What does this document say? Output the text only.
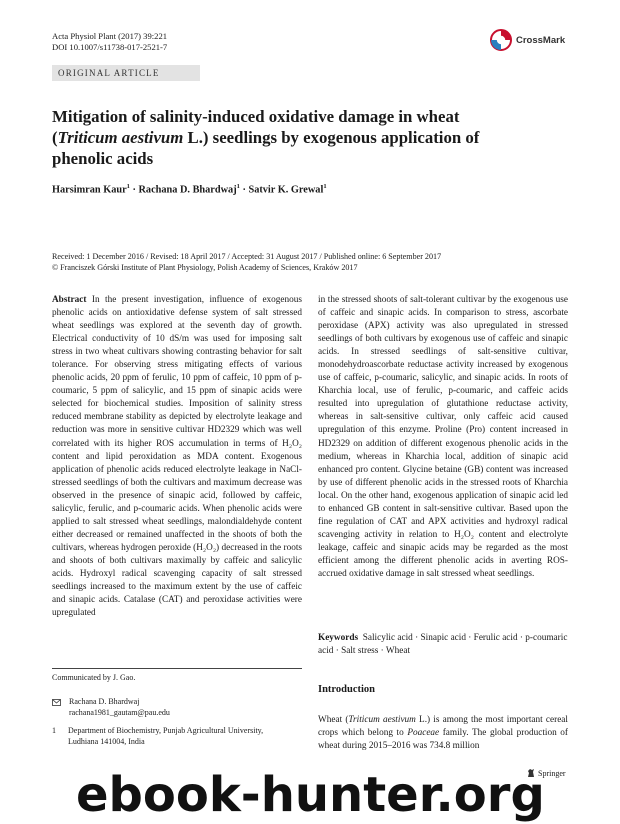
Acta Physiol Plant (2017) 39:221
DOI 10.1007/s11738-017-2521-7
CrossMark
ORIGINAL ARTICLE
Mitigation of salinity-induced oxidative damage in wheat (Triticum aestivum L.) seedlings by exogenous application of phenolic acids
Harsimran Kaur$^1$ · Rachana D. Bhardwaj$^1$ · Satvir K. Grewal$^1$
Received: 1 December 2016 / Revised: 18 April 2017 / Accepted: 31 August 2017 / Published online: 6 September 2017
© Franciszek Górski Institute of Plant Physiology, Polish Academy of Sciences, Kraków 2017

Abstract In the present investigation, influence of exogenous phenolic acids on antioxidative defense system of salt stressed wheat seedlings was explored at the seventh day of growth. Electrical conductivity of 10 dS/m was used for imposing salt stress in two wheat cultivars showing contrasting behavior for salt tolerance. For observing stress mitigating effects of various phenolic acids, 20 ppm of ferulic, 10 ppm of caffeic, 10 ppm of p-coumaric, 5 ppm of salicylic, and 15 ppm of sinapic acids were selected for biochemical studies. Imposition of salinity stress reduced membrane stability as depicted by electrolyte leakage and reduction was more in sensitive cultivar HD2329 which was well correlated with its higher ROS accumulation in terms of H₂O₂ content and lipid peroxidation as MDA content. Exogenous application of phenolic acids reduced electrolyte leakage in NaCl-stressed seedlings of both the cultivars and maximum decrease was observed in the presence of sinapic acid, followed by caffeic, salicylic, ferulic, and p-coumaric acids. When phenolic acids were applied to salt stressed wheat seedlings, malondialdehyde content either decreased or remained unaffected in the shoots of both the cultivars, whereas hydrogen peroxide (H₂O₂) decreased in the roots and shoots of both cultivars maximally by caffeic and salicylic acids. Hydroxyl radical scavenging capacity of salt stressed seedlings increased to the maximum extent by the use of caffeic and sinapic acids. Catalase (CAT) and peroxidase activities were upregulated

Communicated by J. Gao.
Rachana D. Bhardwaj
rachana1981_gautam@pau.edu
1 Department of Biochemistry, Punjab Agricultural University, Ludhiana 141004, India

in the stressed shoots of salt-tolerant cultivar by the exogenous use of caffeic and sinapic acids. In comparison to stress, ascorbate peroxidase (APX) activity was also upregulated in stressed seedlings of both cultivars by exogenous use of caffeic and sinapic acids. In stressed seedlings of salt-sensitive cultivar, monodehydroascorbate reductase activity increased by exogenous use of caffeic, p-coumaric, salicylic, and sinapic acids. In roots of Kharchia local, use of ferulic, p-coumaric, and caffeic acids resulted into upregulation of glutathione reductase activity, whereas in salt-sensitive cultivar, only caffeic acid caused upregulation of this enzyme. Proline (Pro) content increased in HD2329 on addition of different exogenous phenolic acids in the medium, whereas in Kharchia local, addition of sinapic acid enhanced pro content. Glycine betaine (GB) content was increased by use of different phenolic acids in the stressed roots of Kharchia local. On the other hand, exogenous application of sinapic acid led to enhanced GB content in salt-sensitive cultivar. Based upon the fine regulation of CAT and APX activities and hydroxyl radical scavenging activity in relation to H₂O₂ content and electrolyte leakage, caffeic and sinapic acids may be regarded as the most efficient among the different phenolic acids in averting ROS-accrued oxidative damage in salt stressed wheat seedlings.

Keywords Salicylic acid · Sinapic acid · Ferulic acid · p-coumaric acid · Salt stress · Wheat
Introduction

Wheat (Triticum aestivum L.) is among the most important cereal crops which belong to Poaceae family. The global production of wheat during 2015–2016 was 734.8 million

Springer
ebook-hunter.org
